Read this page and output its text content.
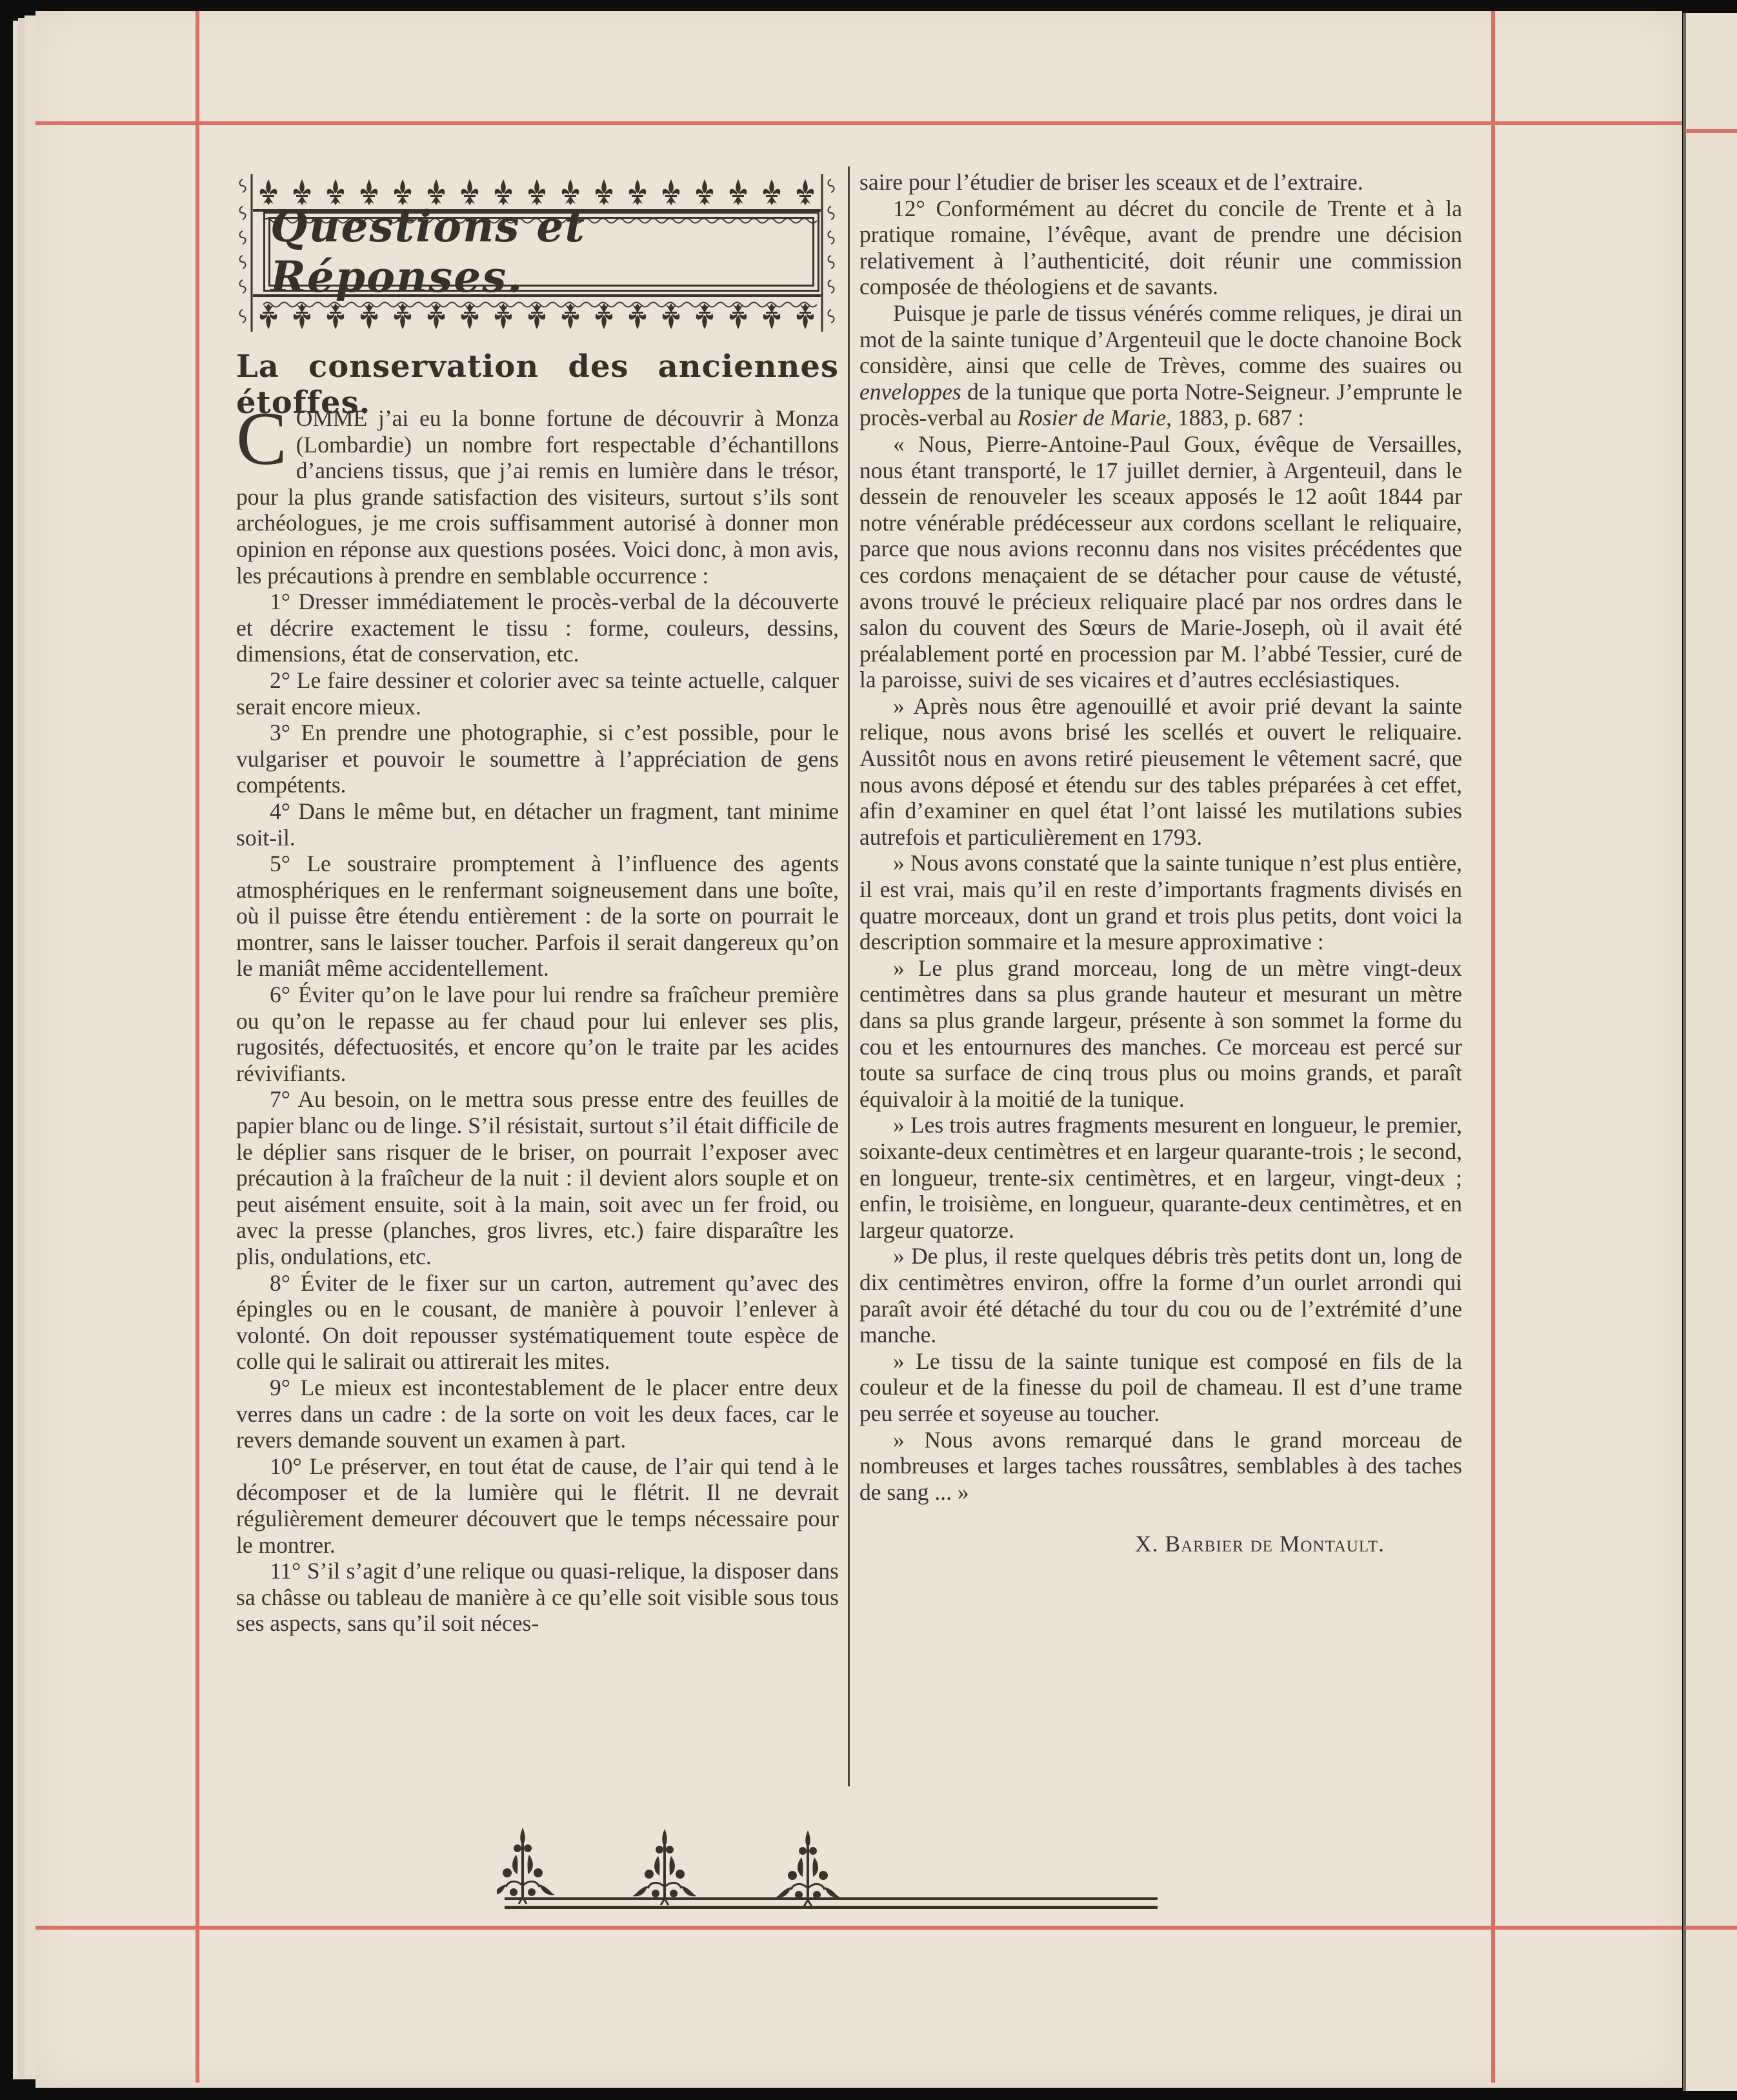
Questions et Réponses.
La conservation des anciennes étoffes.

COMME j’ai eu la bonne fortune de découvrir à Monza (Lombardie) un nombre fort respectable d’échantillons d’anciens tissus, que j’ai remis en lumière dans le trésor, pour la plus grande satisfaction des visiteurs, surtout s’ils sont archéologues, je me crois suffisamment autorisé à donner mon opinion en réponse aux questions posées. Voici donc, à mon avis, les précautions à prendre en semblable occurrence :

1° Dresser immédiatement le procès-verbal de la découverte et décrire exactement le tissu : forme, couleurs, dessins, dimensions, état de conservation, etc.

2° Le faire dessiner et colorier avec sa teinte actuelle, calquer serait encore mieux.

3° En prendre une photographie, si c’est possible, pour le vulgariser et pouvoir le soumettre à l’appréciation de gens compétents.

4° Dans le même but, en détacher un fragment, tant minime soit-il.

5° Le soustraire promptement à l’influence des agents atmosphériques en le renfermant soigneusement dans une boîte, où il puisse être étendu entièrement : de la sorte on pourrait le montrer, sans le laisser toucher. Parfois il serait dangereux qu’on le maniât même accidentellement.

6° Éviter qu’on le lave pour lui rendre sa fraîcheur première ou qu’on le repasse au fer chaud pour lui enlever ses plis, rugosités, défectuosités, et encore qu’on le traite par les acides révivifiants.

7° Au besoin, on le mettra sous presse entre des feuilles de papier blanc ou de linge. S’il résistait, surtout s’il était difficile de le déplier sans risquer de le briser, on pourrait l’exposer avec précaution à la fraîcheur de la nuit : il devient alors souple et on peut aisément ensuite, soit à la main, soit avec un fer froid, ou avec la presse (planches, gros livres, etc.) faire disparaître les plis, ondulations, etc.

8° Éviter de le fixer sur un carton, autrement qu’avec des épingles ou en le cousant, de manière à pouvoir l’enlever à volonté. On doit repousser systématiquement toute espèce de colle qui le salirait ou attirerait les mites.

9° Le mieux est incontestablement de le placer entre deux verres dans un cadre : de la sorte on voit les deux faces, car le revers demande souvent un examen à part.

10° Le préserver, en tout état de cause, de l’air qui tend à le décomposer et de la lumière qui le flétrit. Il ne devrait régulièrement demeurer découvert que le temps nécessaire pour le montrer.

11° S’il s’agit d’une relique ou quasi-relique, la disposer dans sa châsse ou tableau de manière à ce qu’elle soit visible sous tous ses aspects, sans qu’il soit néces-

saire pour l’étudier de briser les sceaux et de l’extraire.

12° Conformément au décret du concile de Trente et à la pratique romaine, l’évêque, avant de prendre une décision relativement à l’authenticité, doit réunir une commission composée de théologiens et de savants.

Puisque je parle de tissus vénérés comme reliques, je dirai un mot de la sainte tunique d’Argenteuil que le docte chanoine Bock considère, ainsi que celle de Trèves, comme des suaires ou enveloppes de la tunique que porta Notre-Seigneur. J’emprunte le procès-verbal au Rosier de Marie, 1883, p. 687 :

« Nous, Pierre-Antoine-Paul Goux, évêque de Versailles, nous étant transporté, le 17 juillet dernier, à Argenteuil, dans le dessein de renouveler les sceaux apposés le 12 août 1844 par notre vénérable prédécesseur aux cordons scellant le reliquaire, parce que nous avions reconnu dans nos visites précédentes que ces cordons menaçaient de se détacher pour cause de vétusté, avons trouvé le précieux reliquaire placé par nos ordres dans le salon du couvent des Sœurs de Marie-Joseph, où il avait été préalablement porté en procession par M. l’abbé Tessier, curé de la paroisse, suivi de ses vicaires et d’autres ecclésiastiques.

» Après nous être agenouillé et avoir prié devant la sainte relique, nous avons brisé les scellés et ouvert le reliquaire. Aussitôt nous en avons retiré pieusement le vêtement sacré, que nous avons déposé et étendu sur des tables préparées à cet effet, afin d’examiner en quel état l’ont laissé les mutilations subies autrefois et particulièrement en 1793.

» Nous avons constaté que la sainte tunique n’est plus entière, il est vrai, mais qu’il en reste d’importants fragments divisés en quatre morceaux, dont un grand et trois plus petits, dont voici la description sommaire et la mesure approximative :

» Le plus grand morceau, long de un mètre vingt-deux centimètres dans sa plus grande hauteur et mesurant un mètre dans sa plus grande largeur, présente à son sommet la forme du cou et les entournures des manches. Ce morceau est percé sur toute sa surface de cinq trous plus ou moins grands, et paraît équivaloir à la moitié de la tunique.

» Les trois autres fragments mesurent en longueur, le premier, soixante-deux centimètres et en largeur quarante-trois ; le second, en longueur, trente-six centimètres, et en largeur, vingt-deux ; enfin, le troisième, en longueur, quarante-deux centimètres, et en largeur quatorze.

» De plus, il reste quelques débris très petits dont un, long de dix centimètres environ, offre la forme d’un ourlet arrondi qui paraît avoir été détaché du tour du cou ou de l’extrémité d’une manche.

» Le tissu de la sainte tunique est composé en fils de la couleur et de la finesse du poil de chameau. Il est d’une trame peu serrée et soyeuse au toucher.

» Nous avons remarqué dans le grand morceau de nombreuses et larges taches roussâtres, semblables à des taches de sang ... »

X. Barbier de Montault.
